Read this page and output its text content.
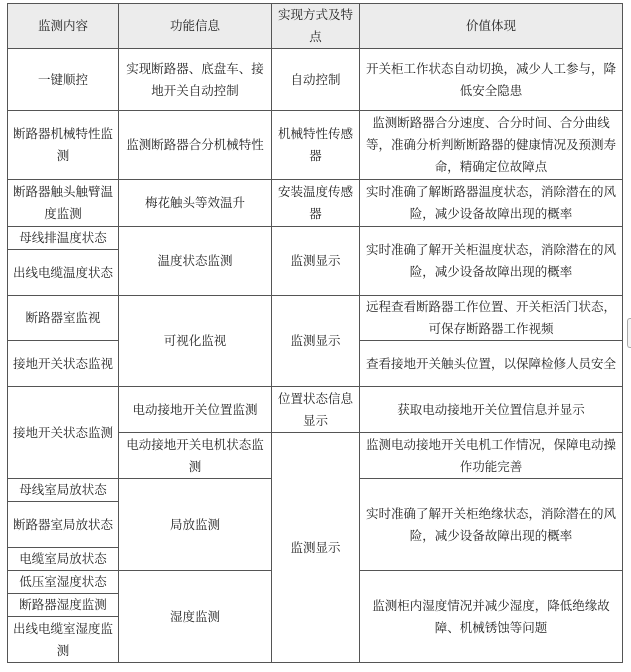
监测内容	功能信息	实现方式及特点	价值体现
一键顺控	实现断路器、底盘车、接地开关自动控制	自动控制	开关柜工作状态自动切换，减少人工参与，降低安全隐患
断路器机械特性监测	监测断路器合分机械特性	机械特性传感器	监测断路器合分速度、合分时间、合分曲线等，准确分析判断断路器的健康情况及预测寿命，精确定位故障点
断路器触头触臂温度监测	梅花触头等效温升	安装温度传感器	实时准确了解断路器温度状态，消除潜在的风险，减少设备故障出现的概率
母线排温度状态	温度状态监测	监测显示	实时准确了解开关柜温度状态，消除潜在的风险，减少设备故障出现的概率
出线电缆温度状态			
断路器室监视	可视化监视	监测显示	远程查看断路器工作位置、开关柜活门状态，可保存断路器工作视频
接地开关状态监视			查看接地开关触头位置，以保障检修人员安全
接地开关状态监测	电动接地开关位置监测	位置状态信息显示	获取电动接地开关位置信息并显示
	电动接地开关电机状态监测	监测显示	监测电动接地开关电机工作情况，保障电动操作功能完善
母线室局放状态	局放监测		实时准确了解开关柜绝缘状态，消除潜在的风险，减少设备故障出现的概率
断路器室局放状态			
电缆室局放状态			
低压室湿度状态	湿度监测		监测柜内湿度情况并减少湿度，降低绝缘故障、机械锈蚀等问题
断路器湿度监测			
出线电缆室湿度监测			
